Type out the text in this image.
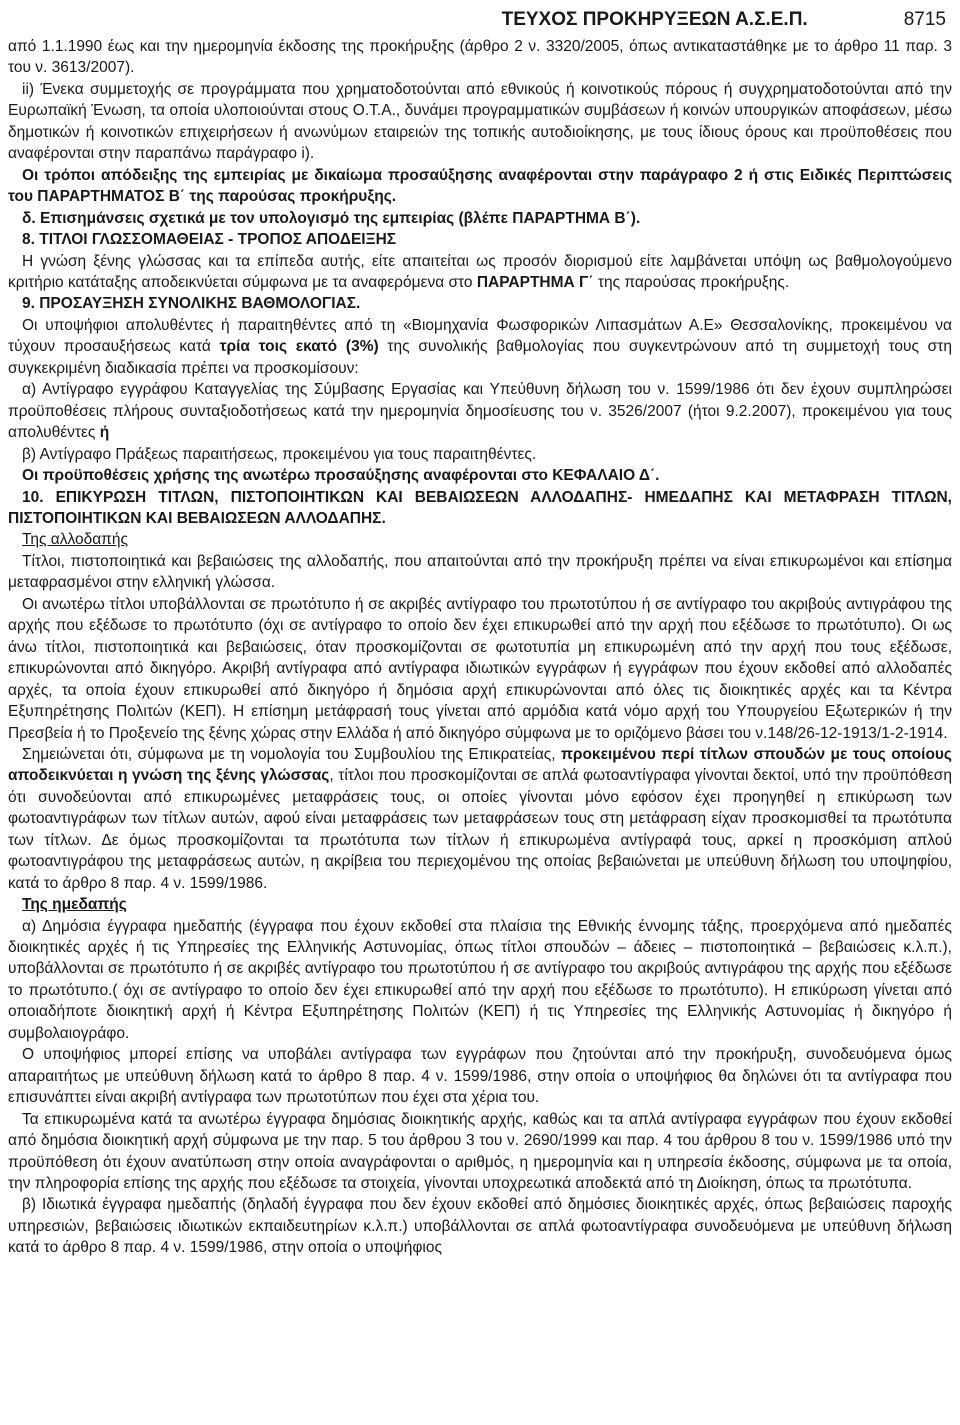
ΤΕΥΧΟΣ ΠΡΟΚΗΡΥΞΕΩΝ Α.Σ.Ε.Π.	8715

από 1.1.1990 έως και την ημερομηνία έκδοσης της προκήρυξης (άρθρο 2 ν. 3320/2005, όπως αντικαταστάθηκε με το άρθρο 11 παρ. 3 του ν. 3613/2007).

ii) Ένεκα συμμετοχής σε προγράμματα που χρηματοδοτούνται από εθνικούς ή κοινοτικούς πόρους ή συγχρηματοδοτούνται από την Ευρωπαϊκή Ένωση, τα οποία υλοποιούνται στους Ο.Τ.Α., δυνάμει προγραμματικών συμβάσεων ή κοινών υπουργικών αποφάσεων, μέσω δημοτικών ή κοινοτικών επιχειρήσεων ή ανωνύμων εταιρειών της τοπικής αυτοδιοίκησης, με τους ίδιους όρους και προϋποθέσεις που αναφέρονται στην παραπάνω παράγραφο i).

Οι τρόποι απόδειξης της εμπειρίας με δικαίωμα προσαύξησης αναφέρονται στην παράγραφο 2 ή στις Ειδικές Περιπτώσεις του ΠΑΡΑΡΤΗΜΑΤΟΣ Β΄ της παρούσας προκήρυξης.

δ. Επισημάνσεις σχετικά με τον υπολογισμό της εμπειρίας (βλέπε ΠΑΡΑΡΤΗΜΑ Β΄).

8. ΤΙΤΛΟΙ ΓΛΩΣΣΟΜΑΘΕΙΑΣ - ΤΡΟΠΟΣ ΑΠΟΔΕΙΞΗΣ

Η γνώση ξένης γλώσσας και τα επίπεδα αυτής, είτε απαιτείται ως προσόν διορισμού είτε λαμβάνεται υπόψη ως βαθμολογούμενο κριτήριο κατάταξης αποδεικνύεται σύμφωνα με τα αναφερόμενα στο ΠΑΡΑΡΤΗΜΑ Γ΄ της παρούσας προκήρυξης.

9. ΠΡΟΣΑΥΞΗΣΗ ΣΥΝΟΛΙΚΗΣ ΒΑΘΜΟΛΟΓΙΑΣ.

Οι υποψήφιοι απολυθέντες ή παραιτηθέντες από τη «Βιομηχανία Φωσφορικών Λιπασμάτων Α.Ε» Θεσσαλονίκης, προκειμένου να τύχουν προσαυξήσεως κατά τρία τοις εκατό (3%) της συνολικής βαθμολογίας που συγκεντρώνουν από τη συμμετοχή τους στη συγκεκριμένη διαδικασία πρέπει να προσκομίσουν:

α) Αντίγραφο εγγράφου Καταγγελίας της Σύμβασης Εργασίας και Υπεύθυνη δήλωση του ν. 1599/1986 ότι δεν έχουν συμπληρώσει προϋποθέσεις πλήρους συνταξιοδοτήσεως κατά την ημερομηνία δημοσίευσης του ν. 3526/2007 (ήτοι 9.2.2007), προκειμένου για τους απολυθέντες ή

β) Αντίγραφο Πράξεως παραιτήσεως, προκειμένου για τους παραιτηθέντες.

Οι προϋποθέσεις χρήσης της ανωτέρω προσαύξησης αναφέρονται στο ΚΕΦΑΛΑΙΟ Δ΄.

10. ΕΠΙΚΥΡΩΣΗ ΤΙΤΛΩΝ, ΠΙΣΤΟΠΟΙΗΤΙΚΩΝ ΚΑΙ ΒΕΒΑΙΩΣΕΩΝ ΑΛΛΟΔΑΠΗΣ- ΗΜΕΔΑΠΗΣ ΚΑΙ ΜΕΤΑΦΡΑΣΗ ΤΙΤΛΩΝ, ΠΙΣΤΟΠΟΙΗΤΙΚΩΝ ΚΑΙ ΒΕΒΑΙΩΣΕΩΝ ΑΛΛΟΔΑΠΗΣ.

Της αλλοδαπής

Τίτλοι, πιστοποιητικά και βεβαιώσεις της αλλοδαπής, που απαιτούνται από την προκήρυξη πρέπει να είναι επικυρωμένοι και επίσημα μεταφρασμένοι στην ελληνική γλώσσα.

Οι ανωτέρω τίτλοι υποβάλλονται σε πρωτότυπο ή σε ακριβές αντίγραφο του πρωτοτύπου ή σε αντίγραφο του ακριβούς αντιγράφου της αρχής που εξέδωσε το πρωτότυπο (όχι σε αντίγραφο το οποίο δεν έχει επικυρωθεί από την αρχή που εξέδωσε το πρωτότυπο). Οι ως άνω τίτλοι, πιστοποιητικά και βεβαιώσεις, όταν προσκομίζονται σε φωτοτυπία μη επικυρωμένη από την αρχή που τους εξέδωσε, επικυρώνονται από δικηγόρο. Ακριβή αντίγραφα από αντίγραφα ιδιωτικών εγγράφων ή εγγράφων που έχουν εκδοθεί από αλλοδαπές αρχές, τα οποία έχουν επικυρωθεί από δικηγόρο ή δημόσια αρχή επικυρώνονται από όλες τις διοικητικές αρχές και τα Κέντρα Εξυπηρέτησης Πολιτών (ΚΕΠ). Η επίσημη μετάφρασή τους γίνεται από αρμόδια κατά νόμο αρχή του Υπουργείου Εξωτερικών ή την Πρεσβεία ή το Προξενείο της ξένης χώρας στην Ελλάδα ή από δικηγόρο σύμφωνα με το οριζόμενο βάσει του ν.148/26-12-1913/1-2-1914.

Σημειώνεται ότι, σύμφωνα με τη νομολογία του Συμβουλίου της Επικρατείας, προκειμένου περί τίτλων σπουδών με τους οποίους αποδεικνύεται η γνώση της ξένης γλώσσας, τίτλοι που προσκομίζονται σε απλά φωτοαντίγραφα γίνονται δεκτοί, υπό την προϋπόθεση ότι συνοδεύονται από επικυρωμένες μεταφράσεις τους, οι οποίες γίνονται μόνο εφόσον έχει προηγηθεί η επικύρωση των φωτοαντιγράφων των τίτλων αυτών, αφού είναι μεταφράσεις των μεταφράσεων τους στη μετάφραση είχαν προσκομισθεί τα πρωτότυπα των τίτλων. Δε όμως προσκομίζονται τα πρωτότυπα των τίτλων ή επικυρωμένα αντίγραφά τους, αρκεί η προσκόμιση απλού φωτοαντιγράφου της μεταφράσεως αυτών, η ακρίβεια του περιεχομένου της οποίας βεβαιώνεται με υπεύθυνη δήλωση του υποψηφίου, κατά το άρθρο 8 παρ. 4 ν. 1599/1986.

Της ημεδαπής

α) Δημόσια έγγραφα ημεδαπής (έγγραφα που έχουν εκδοθεί στα πλαίσια της Εθνικής έννομης τάξης, προερχόμενα από ημεδαπές διοικητικές αρχές ή τις Υπηρεσίες της Ελληνικής Αστυνομίας, όπως τίτλοι σπουδών – άδειες – πιστοποιητικά – βεβαιώσεις κ.λ.π.), υποβάλλονται σε πρωτότυπο ή σε ακριβές αντίγραφο του πρωτοτύπου ή σε αντίγραφο του ακριβούς αντιγράφου της αρχής που εξέδωσε το πρωτότυπο.( όχι σε αντίγραφο το οποίο δεν έχει επικυρωθεί από την αρχή που εξέδωσε το πρωτότυπο). Η επικύρωση γίνεται από οποιαδήποτε διοικητική αρχή ή Κέντρα Εξυπηρέτησης Πολιτών (ΚΕΠ) ή τις Υπηρεσίες της Ελληνικής Αστυνομίας ή δικηγόρο ή συμβολαιογράφο.

Ο υποψήφιος μπορεί επίσης να υποβάλει αντίγραφα των εγγράφων που ζητούνται από την προκήρυξη, συνοδευόμενα όμως απαραιτήτως με υπεύθυνη δήλωση κατά το άρθρο 8 παρ. 4 ν. 1599/1986, στην οποία ο υποψήφιος θα δηλώνει ότι τα αντίγραφα που επισυνάπτει είναι ακριβή αντίγραφα των πρωτοτύπων που έχει στα χέρια του.

Τα επικυρωμένα κατά τα ανωτέρω έγγραφα δημόσιας διοικητικής αρχής, καθώς και τα απλά αντίγραφα εγγράφων που έχουν εκδοθεί από δημόσια διοικητική αρχή σύμφωνα με την παρ. 5 του άρθρου 3 του ν. 2690/1999 και παρ. 4 του άρθρου 8 του ν. 1599/1986 υπό την προϋπόθεση ότι έχουν ανατύπωση στην οποία αναγράφονται ο αριθμός, η ημερομηνία και η υπηρεσία έκδοσης, σύμφωνα με τα οποία, την πληροφορία επίσης της αρχής που εξέδωσε τα στοιχεία, γίνονται υποχρεωτικά αποδεκτά από τη Διοίκηση, όπως τα πρωτότυπα.

β) Ιδιωτικά έγγραφα ημεδαπής (δηλαδή έγγραφα που δεν έχουν εκδοθεί από δημόσιες διοικητικές αρχές, όπως βεβαιώσεις παροχής υπηρεσιών, βεβαιώσεις ιδιωτικών εκπαιδευτηρίων κ.λ.π.) υποβάλλονται σε απλά φωτοαντίγραφα συνοδευόμενα με υπεύθυνη δήλωση κατά το άρθρο 8 παρ. 4 ν. 1599/1986, στην οποία ο υποψήφιος
